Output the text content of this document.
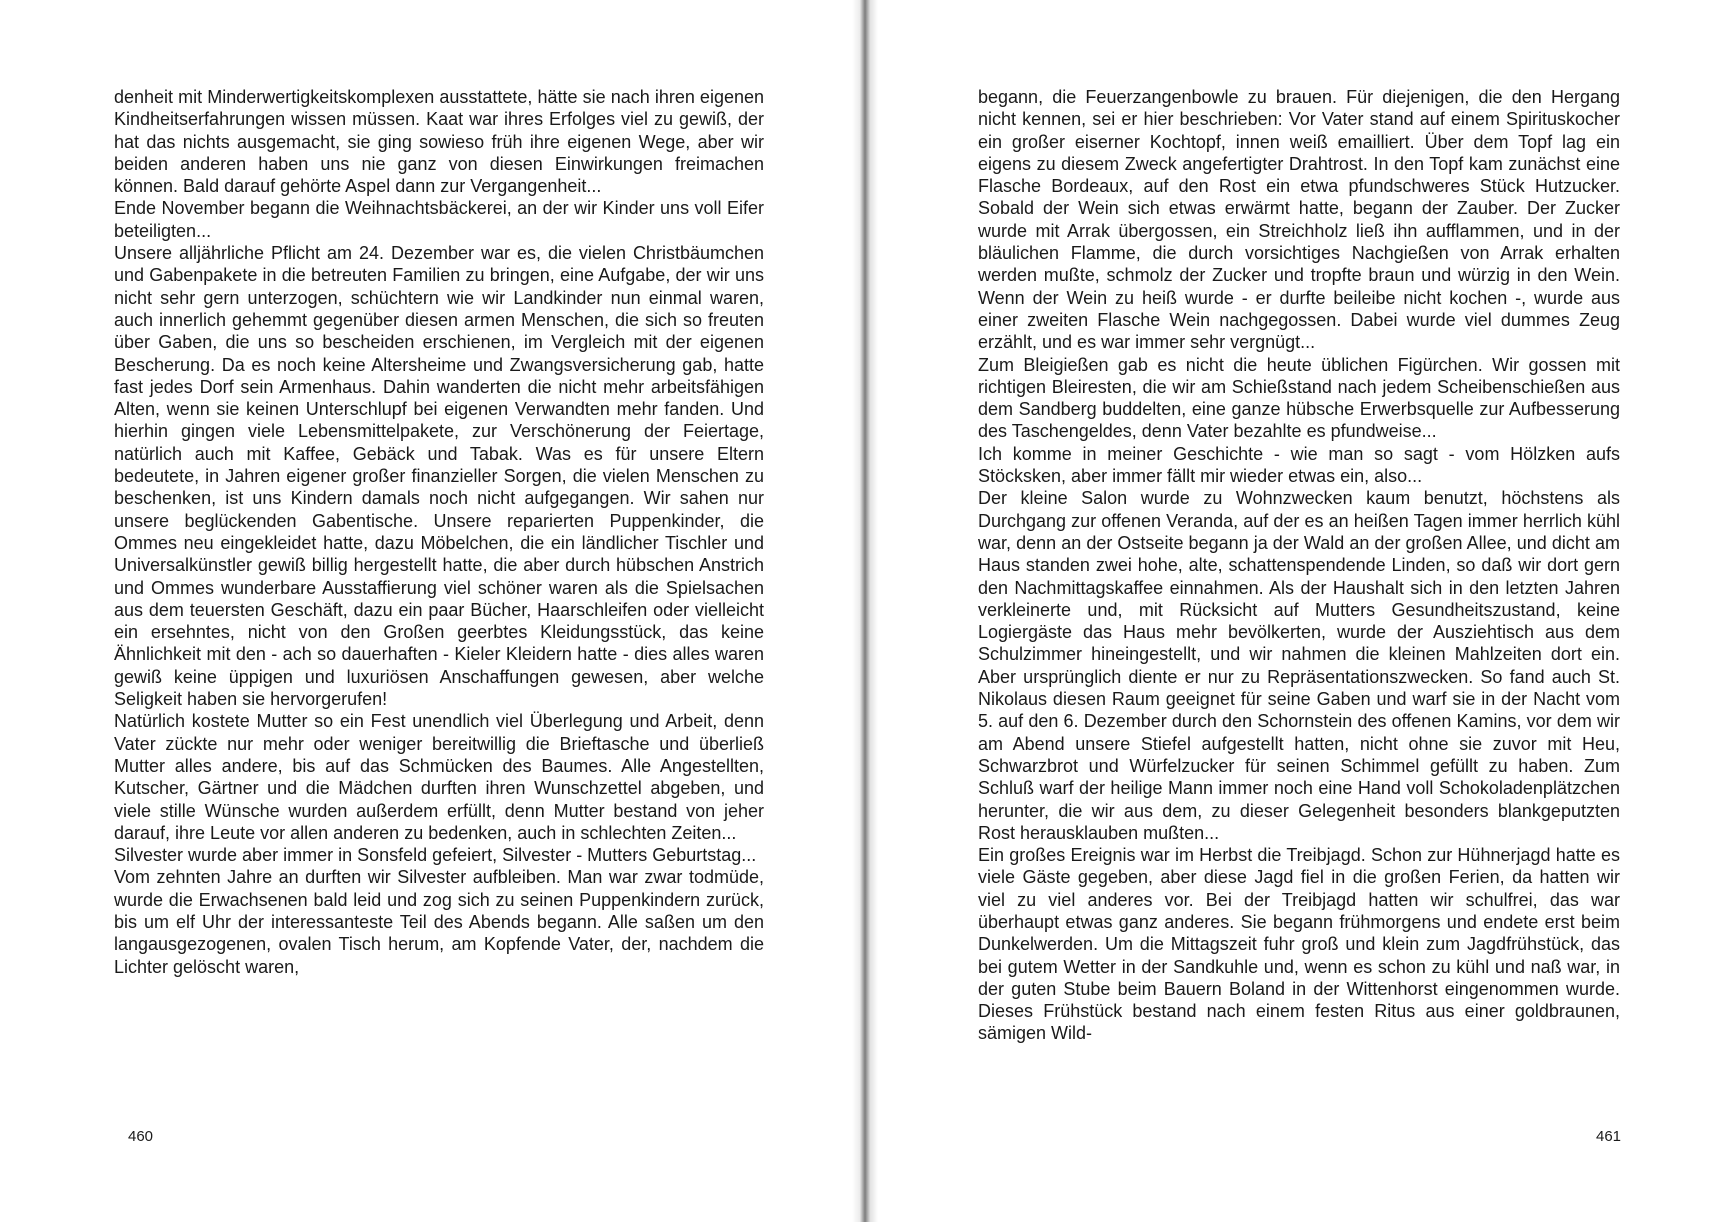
denheit mit Minderwertigkeitskomplexen ausstattete, hätte sie nach ihren eigenen Kindheitserfahrungen wissen müssen. Kaat war ihres Erfolges viel zu gewiß, der hat das nichts ausgemacht, sie ging sowieso früh ihre eigenen Wege, aber wir beiden anderen haben uns nie ganz von diesen Einwirkungen freimachen können. Bald darauf gehörte Aspel dann zur Vergangenheit...

Ende November begann die Weihnachtsbäckerei, an der wir Kinder uns voll Eifer beteiligten...

Unsere alljährliche Pflicht am 24. Dezember war es, die vielen Christbäumchen und Gabenpakete in die betreuten Familien zu bringen, eine Aufgabe, der wir uns nicht sehr gern unterzogen, schüchtern wie wir Landkinder nun einmal waren, auch innerlich gehemmt gegenüber diesen armen Menschen, die sich so freuten über Gaben, die uns so bescheiden erschienen, im Vergleich mit der eigenen Bescherung. Da es noch keine Altersheime und Zwangsversicherung gab, hatte fast jedes Dorf sein Armenhaus. Dahin wanderten die nicht mehr arbeitsfähigen Alten, wenn sie keinen Unterschlupf bei eigenen Verwandten mehr fanden. Und hierhin gingen viele Lebensmittelpakete, zur Verschönerung der Feiertage, natürlich auch mit Kaffee, Gebäck und Tabak. Was es für unsere Eltern bedeutete, in Jahren eigener großer finanzieller Sorgen, die vielen Menschen zu beschenken, ist uns Kindern damals noch nicht aufgegangen. Wir sahen nur unsere beglückenden Gabentische. Unsere reparierten Puppenkinder, die Ommes neu eingekleidet hatte, dazu Möbelchen, die ein ländlicher Tischler und Universalkünstler gewiß billig hergestellt hatte, die aber durch hübschen Anstrich und Ommes wunderbare Ausstaffierung viel schöner waren als die Spielsachen aus dem teuersten Geschäft, dazu ein paar Bücher, Haarschleifen oder vielleicht ein ersehntes, nicht von den Großen geerbtes Kleidungsstück, das keine Ähnlichkeit mit den - ach so dauerhaften - Kieler Kleidern hatte - dies alles waren gewiß keine üppigen und luxuriösen Anschaffungen gewesen, aber welche Seligkeit haben sie hervorgerufen!

Natürlich kostete Mutter so ein Fest unendlich viel Überlegung und Arbeit, denn Vater zückte nur mehr oder weniger bereitwillig die Brieftasche und überließ Mutter alles andere, bis auf das Schmücken des Baumes. Alle Angestellten, Kutscher, Gärtner und die Mädchen durften ihren Wunschzettel abgeben, und viele stille Wünsche wurden außerdem erfüllt, denn Mutter bestand von jeher darauf, ihre Leute vor allen anderen zu bedenken, auch in schlechten Zeiten...

Silvester wurde aber immer in Sonsfeld gefeiert, Silvester - Mutters Geburtstag...

Vom zehnten Jahre an durften wir Silvester aufbleiben. Man war zwar todmüde, wurde die Erwachsenen bald leid und zog sich zu seinen Puppenkindern zurück, bis um elf Uhr der interessanteste Teil des Abends begann. Alle saßen um den langausgezogenen, ovalen Tisch herum, am Kopfende Vater, der, nachdem die Lichter gelöscht waren,

begann, die Feuerzangenbowle zu brauen. Für diejenigen, die den Hergang nicht kennen, sei er hier beschrieben: Vor Vater stand auf einem Spirituskocher ein großer eiserner Kochtopf, innen weiß emailliert. Über dem Topf lag ein eigens zu diesem Zweck angefertigter Drahtrost. In den Topf kam zunächst eine Flasche Bordeaux, auf den Rost ein etwa pfundschweres Stück Hutzucker. Sobald der Wein sich etwas erwärmt hatte, begann der Zauber. Der Zucker wurde mit Arrak übergossen, ein Streichholz ließ ihn aufflammen, und in der bläulichen Flamme, die durch vorsichtiges Nachgießen von Arrak erhalten werden mußte, schmolz der Zucker und tropfte braun und würzig in den Wein. Wenn der Wein zu heiß wurde - er durfte beileibe nicht kochen -, wurde aus einer zweiten Flasche Wein nachgegossen. Dabei wurde viel dummes Zeug erzählt, und es war immer sehr vergnügt...

Zum Bleigießen gab es nicht die heute üblichen Figürchen. Wir gossen mit richtigen Bleiresten, die wir am Schießstand nach jedem Scheibenschießen aus dem Sandberg buddelten, eine ganze hübsche Erwerbsquelle zur Aufbesserung des Taschengeldes, denn Vater bezahlte es pfundweise...

Ich komme in meiner Geschichte - wie man so sagt - vom Hölzken aufs Stöcksken, aber immer fällt mir wieder etwas ein, also...

Der kleine Salon wurde zu Wohnzwecken kaum benutzt, höchstens als Durchgang zur offenen Veranda, auf der es an heißen Tagen immer herrlich kühl war, denn an der Ostseite begann ja der Wald an der großen Allee, und dicht am Haus standen zwei hohe, alte, schattenspendende Linden, so daß wir dort gern den Nachmittagskaffee einnahmen. Als der Haushalt sich in den letzten Jahren verkleinerte und, mit Rücksicht auf Mutters Gesundheitszustand, keine Logiergäste das Haus mehr bevölkerten, wurde der Ausziehtisch aus dem Schulzimmer hineingestellt, und wir nahmen die kleinen Mahlzeiten dort ein. Aber ursprünglich diente er nur zu Repräsentationszwecken. So fand auch St. Nikolaus diesen Raum geeignet für seine Gaben und warf sie in der Nacht vom 5. auf den 6. Dezember durch den Schornstein des offenen Kamins, vor dem wir am Abend unsere Stiefel aufgestellt hatten, nicht ohne sie zuvor mit Heu, Schwarzbrot und Würfelzucker für seinen Schimmel gefüllt zu haben. Zum Schluß warf der heilige Mann immer noch eine Hand voll Schokoladenplätzchen herunter, die wir aus dem, zu dieser Gelegenheit besonders blankgeputzten Rost herausklauben mußten...

Ein großes Ereignis war im Herbst die Treibjagd. Schon zur Hühnerjagd hatte es viele Gäste gegeben, aber diese Jagd fiel in die großen Ferien, da hatten wir viel zu viel anderes vor. Bei der Treibjagd hatten wir schulfrei, das war überhaupt etwas ganz anderes. Sie begann frühmorgens und endete erst beim Dunkelwerden. Um die Mittagszeit fuhr groß und klein zum Jagdfrühstück, das bei gutem Wetter in der Sandkuhle und, wenn es schon zu kühl und naß war, in der guten Stube beim Bauern Boland in der Wittenhorst eingenommen wurde. Dieses Frühstück bestand nach einem festen Ritus aus einer goldbraunen, sämigen Wild-

460	461
